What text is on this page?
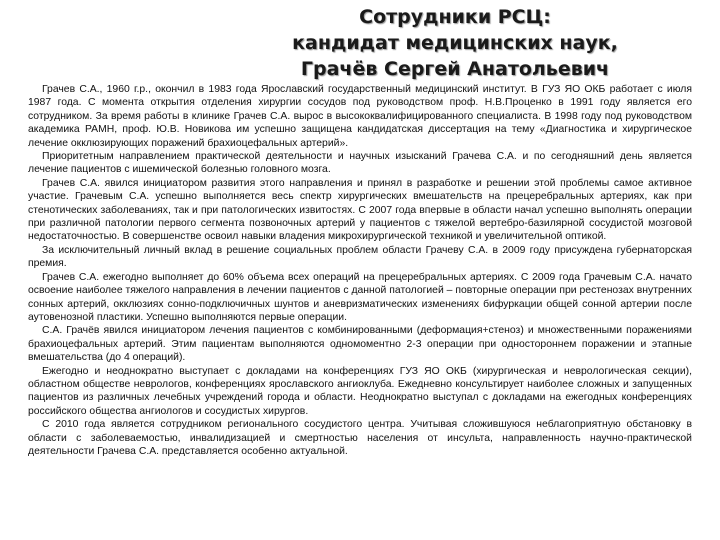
Сотрудники РСЦ:
кандидат медицинских наук,
Грачёв Сергей Анатольевич

Грачев С.А., 1960 г.р., окончил в 1983 года Ярославский государственный медицинский институт. В ГУЗ ЯО ОКБ работает с июля 1987 года. С момента открытия отделения хирургии сосудов под руководством проф. Н.В.Проценко в 1991 году является его сотрудником. За время работы в клинике Грачев С.А. вырос в высококвалифицированного специалиста. В 1998 году под руководством академика РАМН, проф. Ю.В. Новикова им успешно защищена кандидатская диссертация на тему «Диагностика и хирургическое лечение окклюзирующих поражений брахиоцефальных артерий».

Приоритетным направлением практической деятельности и научных изысканий Грачева С.А. и по сегодняшний день является лечение пациентов с ишемической болезнью головного мозга.

Грачев С.А. явился инициатором развития этого направления и принял в разработке и решении этой проблемы самое активное участие. Грачевым С.А. успешно выполняется весь спектр хирургических вмешательств на прецеребральных артериях, как при стенотических заболеваниях, так и при патологических извитостях. С 2007 года впервые в области начал успешно выполнять операции при различной патологии первого сегмента позвоночных артерий у пациентов с тяжелой вертебро-базилярной сосудистой мозговой недостаточностью. В совершенстве освоил навыки владения микрохирургической техникой и увеличительной оптикой.

За исключительный личный вклад в решение социальных проблем области Грачеву С.А. в 2009 году присуждена губернаторская премия.

Грачев С.А. ежегодно выполняет до 60% объема всех операций на прецеребральных артериях. С 2009 года Грачевым С.А. начато освоение наиболее тяжелого направления в лечении пациентов с данной патологией – повторные операции при рестенозах внутренних сонных артерий, окклюзиях сонно-подключичных шунтов и аневризматических изменениях бифуркации общей сонной артерии после аутовенозной пластики. Успешно выполняются первые операции.

С.А. Грачёв явился инициатором лечения пациентов с комбинированными (деформация+стеноз) и множественными поражениями брахиоцефальных артерий. Этим пациентам выполняются одномоментно 2-3 операции при одностороннем поражении и этапные вмешательства (до 4 операций).

Ежегодно и неоднократно выступает с докладами на конференциях ГУЗ ЯО ОКБ (хирургическая и неврологическая секции), областном обществе неврологов, конференциях ярославского ангиоклуба. Ежедневно консультирует наиболее сложных и запущенных пациентов из различных лечебных учреждений города и области. Неоднократно выступал с докладами на ежегодных конференциях российского общества ангиологов и сосудистых хирургов.

С 2010 года является сотрудником регионального сосудистого центра. Учитывая сложившуюся неблагоприятную обстановку в области с заболеваемостью, инвалидизацией и смертностью населения от инсульта, направленность научно-практической деятельности Грачева С.А. представляется особенно актуальной.
